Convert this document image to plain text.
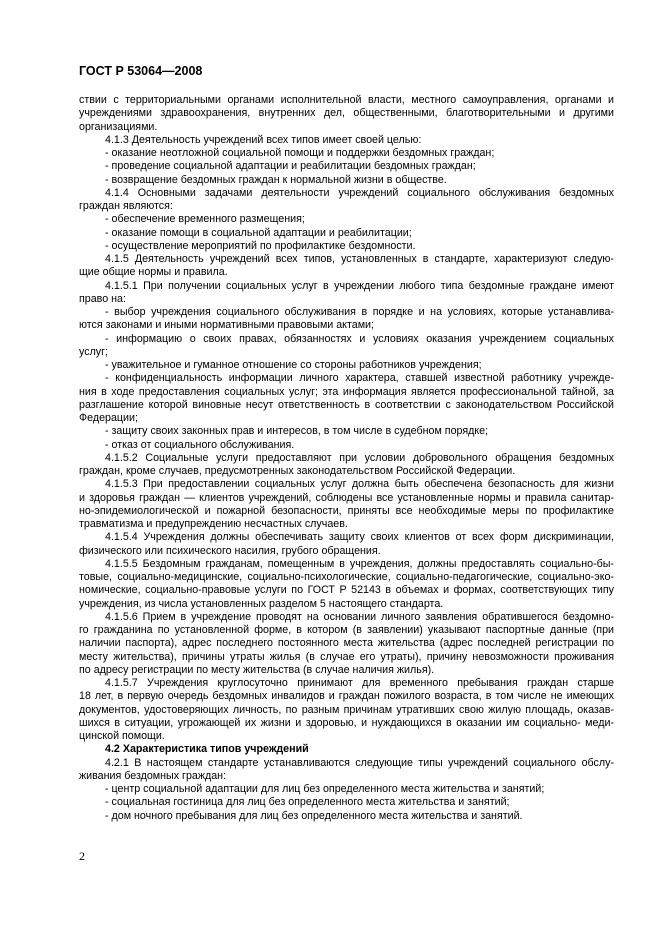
ГОСТ Р 53064—2008
ствии с территориальными органами исполнительной власти, местного самоуправления, органами и
учреждениями здравоохранения, внутренних дел, общественными, благотворительными и другими
организациями.
4.1.3 Деятельность учреждений всех типов имеет своей целью:
- оказание неотложной социальной помощи и поддержки бездомных граждан;
- проведение социальной адаптации и реабилитации бездомных граждан;
- возвращение бездомных граждан к нормальной жизни в обществе.
4.1.4 Основными задачами деятельности учреждений социального обслуживания бездомных
граждан являются:
- обеспечение временного размещения;
- оказание помощи в социальной адаптации и реабилитации;
- осуществление мероприятий по профилактике бездомности.
4.1.5 Деятельность учреждений всех типов, установленных в стандарте, характеризуют следую-
щие общие нормы и правила.
4.1.5.1 При получении социальных услуг в учреждении любого типа бездомные граждане имеют
право на:
- выбор учреждения социального обслуживания в порядке и на условиях, которые устанавлива-
ются законами и иными нормативными правовыми актами;
- информацию о своих правах, обязанностях и условиях оказания учреждением социальных
услуг;
- уважительное и гуманное отношение со стороны работников учреждения;
- конфиденциальность информации личного характера, ставшей известной работнику учрежде-
ния в ходе предоставления социальных услуг; эта информация является профессиональной тайной, за
разглашение которой виновные несут ответственность в соответствии с законодательством Российской
Федерации;
- защиту своих законных прав и интересов, в том числе в судебном порядке;
- отказ от социального обслуживания.
4.1.5.2 Социальные услуги предоставляют при условии добровольного обращения бездомных
граждан, кроме случаев, предусмотренных законодательством Российской Федерации.
4.1.5.3 При предоставлении социальных услуг должна быть обеспечена безопасность для жизни
и здоровья граждан — клиентов учреждений, соблюдены все установленные нормы и правила санитар-
но-эпидемиологической и пожарной безопасности, приняты все необходимые меры по профилактике
травматизма и предупреждению несчастных случаев.
4.1.5.4 Учреждения должны обеспечивать защиту своих клиентов от всех форм дискриминации,
физического или психического насилия, грубого обращения.
4.1.5.5 Бездомным гражданам, помещенным в учреждения, должны предоставлять социально-бы-
товые, социально-медицинские, социально-психологические, социально-педагогические, социально-эко-
номические, социально-правовые услуги по ГОСТ Р 52143 в объемах и формах, соответствующих типу
учреждения, из числа установленных разделом 5 настоящего стандарта.
4.1.5.6 Прием в учреждение проводят на основании личного заявления обратившегося бездомно-
го гражданина по установленной форме, в котором (в заявлении) указывают паспортные данные (при
наличии паспорта), адрес последнего постоянного места жительства (адрес последней регистрации по
месту жительства), причины утраты жилья (в случае его утраты), причину невозможности проживания
по адресу регистрации по месту жительства (в случае наличия жилья).
4.1.5.7 Учреждения круглосуточно принимают для временного пребывания граждан старше
18 лет, в первую очередь бездомных инвалидов и граждан пожилого возраста, в том числе не имеющих
документов, удостоверяющих личность, по разным причинам утративших свою жилую площадь, оказав-
шихся в ситуации, угрожающей их жизни и здоровью, и нуждающихся в оказании им социально- меди-
цинской помощи.
4.2 Характеристика типов учреждений
4.2.1 В настоящем стандарте устанавливаются следующие типы учреждений социального обслу-
живания бездомных граждан:
- центр социальной адаптации для лиц без определенного места жительства и занятий;
- социальная гостиница для лиц без определенного места жительства и занятий;
- дом ночного пребывания для лиц без определенного места жительства и занятий.
2
